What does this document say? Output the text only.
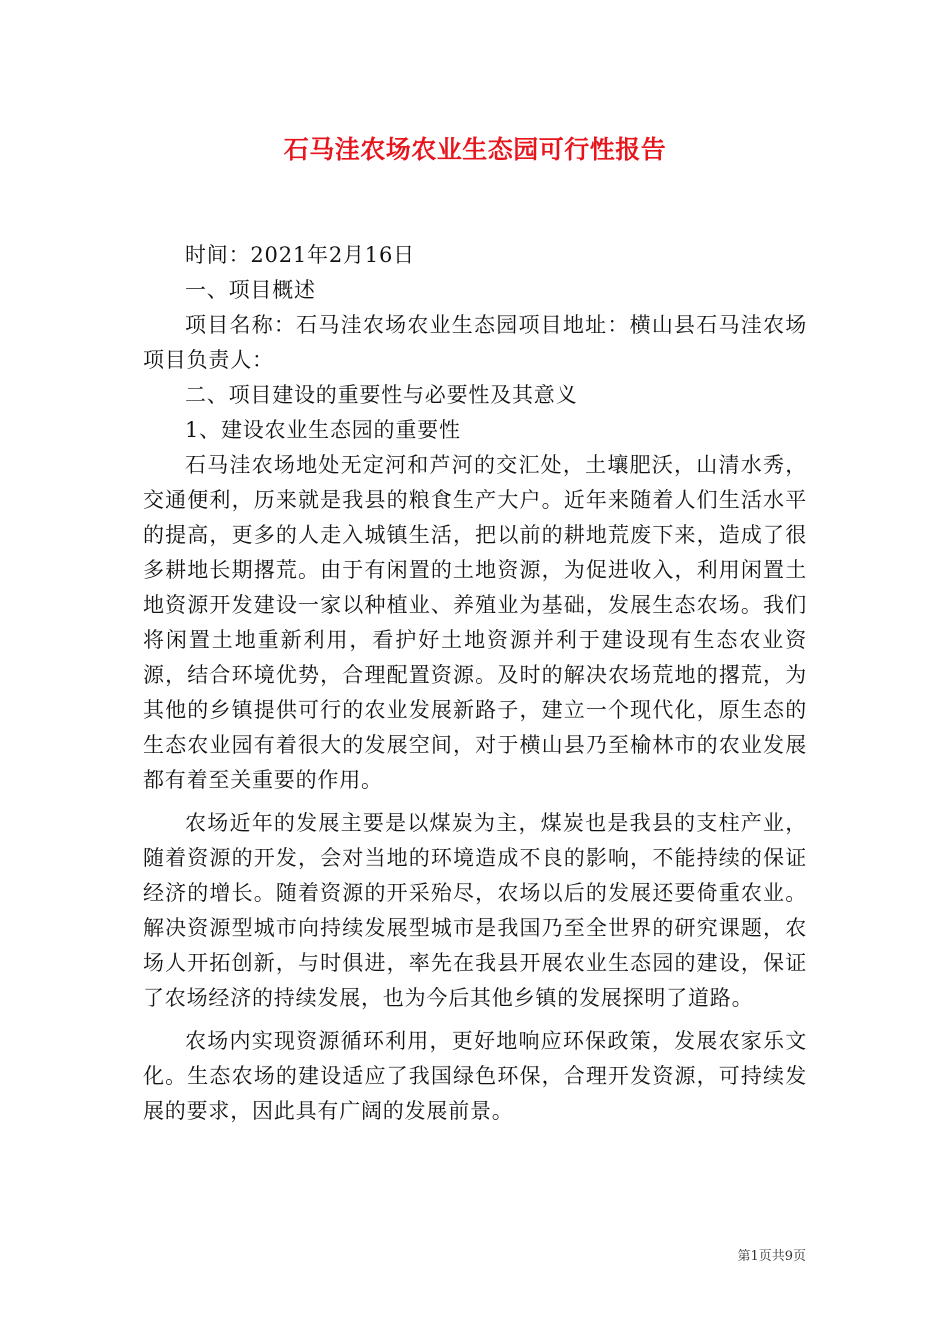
石马洼农场农业生态园可行性报告

时间：2021年2月16日

一、项目概述

项目名称：石马洼农场农业生态园项目地址：横山县石马洼农场项目负责人：

二、项目建设的重要性与必要性及其意义

1、建设农业生态园的重要性

石马洼农场地处无定河和芦河的交汇处，土壤肥沃，山清水秀，交通便利，历来就是我县的粮食生产大户。近年来随着人们生活水平的提高，更多的人走入城镇生活，把以前的耕地荒废下来，造成了很多耕地长期撂荒。由于有闲置的土地资源，为促进收入，利用闲置土地资源开发建设一家以种植业、养殖业为基础，发展生态农场。我们将闲置土地重新利用，看护好土地资源并利于建设现有生态农业资源，结合环境优势，合理配置资源。及时的解决农场荒地的撂荒，为其他的乡镇提供可行的农业发展新路子，建立一个现代化，原生态的生态农业园有着很大的发展空间，对于横山县乃至榆林市的农业发展都有着至关重要的作用。

农场近年的发展主要是以煤炭为主，煤炭也是我县的支柱产业，随着资源的开发，会对当地的环境造成不良的影响，不能持续的保证经济的增长。随着资源的开采殆尽，农场以后的发展还要倚重农业。解决资源型城市向持续发展型城市是我国乃至全世界的研究课题，农场人开拓创新，与时俱进，率先在我县开展农业生态园的建设，保证了农场经济的持续发展，也为今后其他乡镇的发展探明了道路。

农场内实现资源循环利用，更好地响应环保政策，发展农家乐文化。生态农场的建设适应了我国绿色环保，合理开发资源，可持续发展的要求，因此具有广阔的发展前景。

第1页共9页
